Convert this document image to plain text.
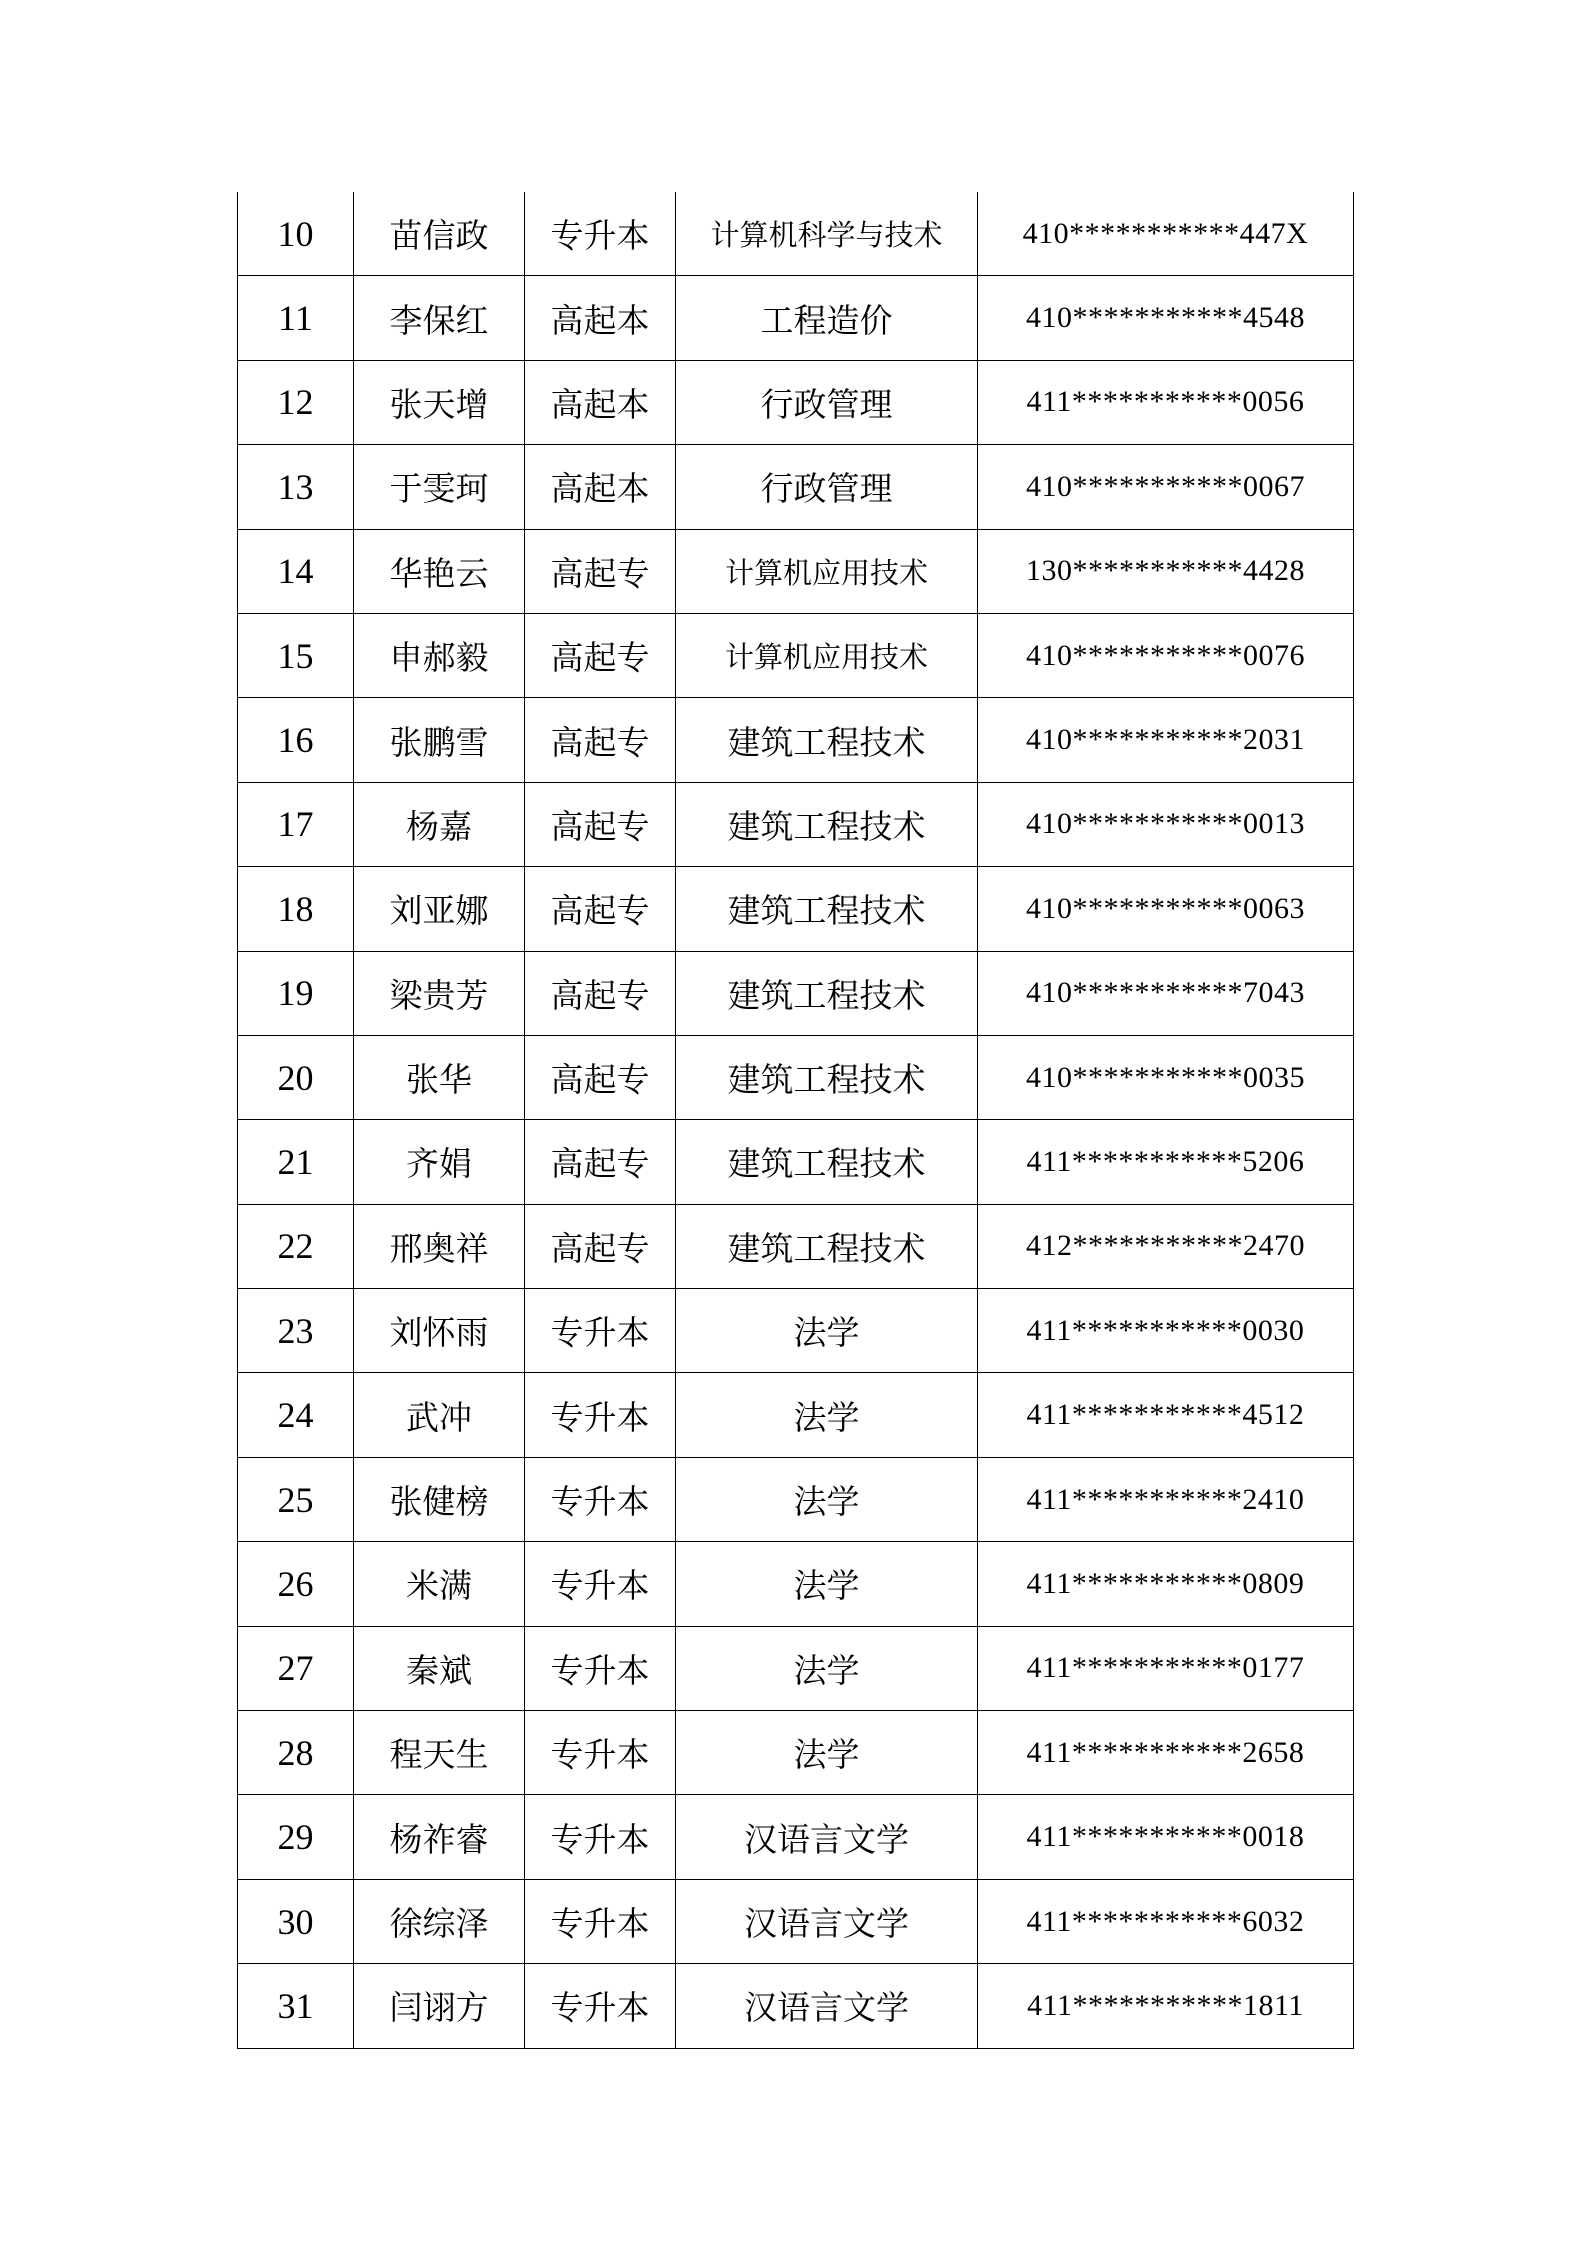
10	苗信政	专升本	计算机科学与技术	410***********447X
11	李保红	高起本	工程造价	410***********4548
12	张天增	高起本	行政管理	411***********0056
13	于雯珂	高起本	行政管理	410***********0067
14	华艳云	高起专	计算机应用技术	130***********4428
15	申郝毅	高起专	计算机应用技术	410***********0076
16	张鹏雪	高起专	建筑工程技术	410***********2031
17	杨嘉	高起专	建筑工程技术	410***********0013
18	刘亚娜	高起专	建筑工程技术	410***********0063
19	梁贵芳	高起专	建筑工程技术	410***********7043
20	张华	高起专	建筑工程技术	410***********0035
21	齐娟	高起专	建筑工程技术	411***********5206
22	邢奥祥	高起专	建筑工程技术	412***********2470
23	刘怀雨	专升本	法学	411***********0030
24	武冲	专升本	法学	411***********4512
25	张健榜	专升本	法学	411***********2410
26	米满	专升本	法学	411***********0809
27	秦斌	专升本	法学	411***********0177
28	程天生	专升本	法学	411***********2658
29	杨祚睿	专升本	汉语言文学	411***********0018
30	徐综泽	专升本	汉语言文学	411***********6032
31	闫诩方	专升本	汉语言文学	411***********1811
